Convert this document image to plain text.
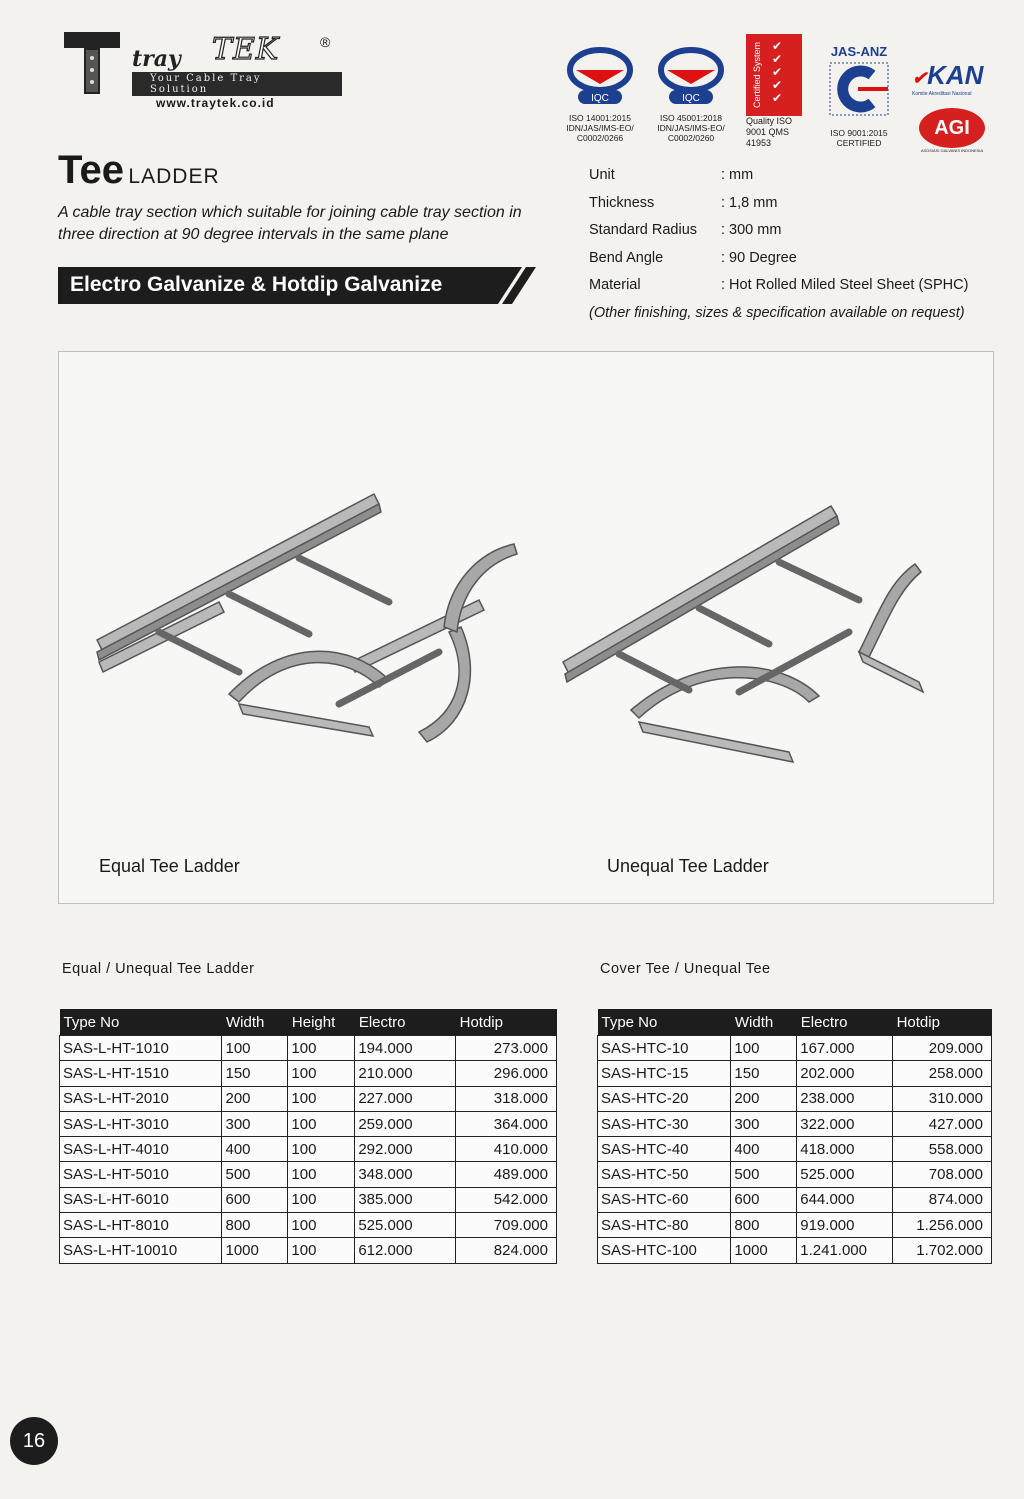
tray TEK	®
Your Cable Tray Solution
www.traytek.co.id	IQC
ISO 14001:2015 IDN/JAS/IMS-EO/ C0002/0266
IQC
ISO 45001:2018 IDN/JAS/IMS-EO/ C0002/0260
Certified System ✔
✔
✔
✔
✔
Quality ISO 9001 QMS 41953
JAS-ANZ
ISO 9001:2015 CERTIFIED
✔KAN
Komite Akreditasi Nasional
AGI
ASOSIASI GALVANIS INDONESIA
Tee LADDER
A cable tray section which suitable for joining cable tray section in three direction at 90 degree intervals in the same plane
Electro Galvanize & Hotdip Galvanize
Unit	: mm
Thickness	: 1,8 mm
Standard Radius : 300 mm
Bend Angle	: 90 Degree
Material	: Hot Rolled Miled Steel Sheet (SPHC)
(Other finishing, sizes & specification available on request)
Equal Tee Ladder	Unequal Tee Ladder
Equal / Unequal Tee Ladder
Type No	Width	Height	Electro	Hotdip
SAS-L-HT-1010	100	100	194.000	273.000
SAS-L-HT-1510	150	100	210.000	296.000
SAS-L-HT-2010	200	100	227.000	318.000
SAS-L-HT-3010	300	100	259.000	364.000
SAS-L-HT-4010	400	100	292.000	410.000
SAS-L-HT-5010	500	100	348.000	489.000
SAS-L-HT-6010	600	100	385.000	542.000
SAS-L-HT-8010	800	100	525.000	709.000
SAS-L-HT-10010	1000	100	612.000	824.000
Cover Tee / Unequal Tee
Type No	Width	Electro	Hotdip
SAS-HTC-10	100	167.000	209.000
SAS-HTC-15	150	202.000	258.000
SAS-HTC-20	200	238.000	310.000
SAS-HTC-30	300	322.000	427.000
SAS-HTC-40	400	418.000	558.000
SAS-HTC-50	500	525.000	708.000
SAS-HTC-60	600	644.000	874.000
SAS-HTC-80	800	919.000	1.256.000
SAS-HTC-100	1000	1.241.000	1.702.000
16
